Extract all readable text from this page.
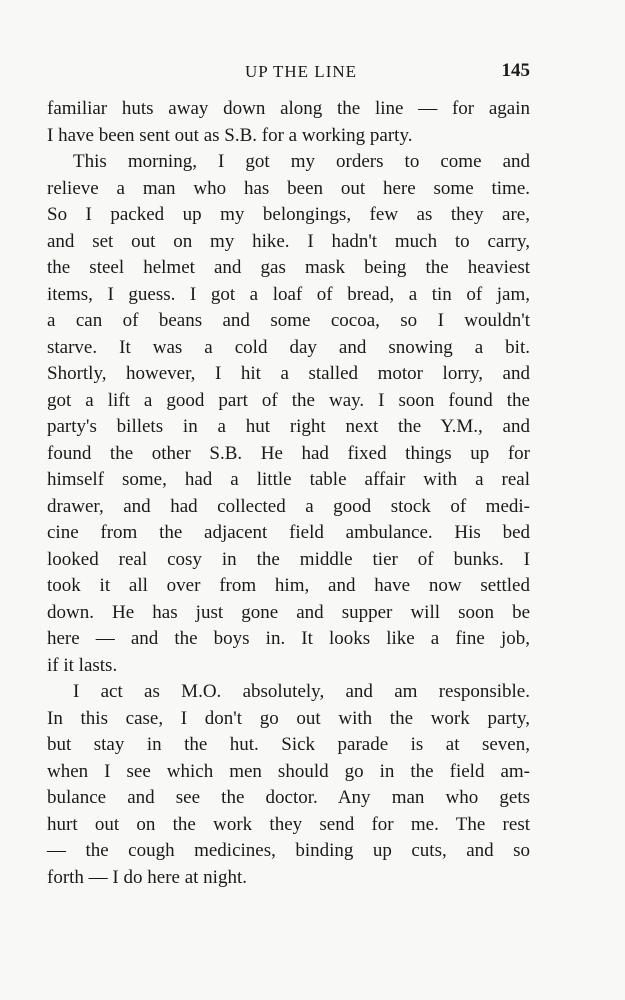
UP THE LINE	145
familiar huts away down along the line — for again
I have been sent out as S.B. for a working party.
This morning, I got my orders to come and
relieve a man who has been out here some time.
So I packed up my belongings, few as they are,
and set out on my hike. I hadn't much to carry,
the steel helmet and gas mask being the heaviest
items, I guess. I got a loaf of bread, a tin of jam,
a can of beans and some cocoa, so I wouldn't
starve. It was a cold day and snowing a bit.
Shortly, however, I hit a stalled motor lorry, and
got a lift a good part of the way. I soon found the
party's billets in a hut right next the Y.M., and
found the other S.B. He had fixed things up for
himself some, had a little table affair with a real
drawer, and had collected a good stock of medi-
cine from the adjacent field ambulance. His bed
looked real cosy in the middle tier of bunks. I
took it all over from him, and have now settled
down. He has just gone and supper will soon be
here — and the boys in. It looks like a fine job,
if it lasts.
I act as M.O. absolutely, and am responsible.
In this case, I don't go out with the work party,
but stay in the hut. Sick parade is at seven,
when I see which men should go in the field am-
bulance and see the doctor. Any man who gets
hurt out on the work they send for me. The rest
— the cough medicines, binding up cuts, and so
forth — I do here at night.
